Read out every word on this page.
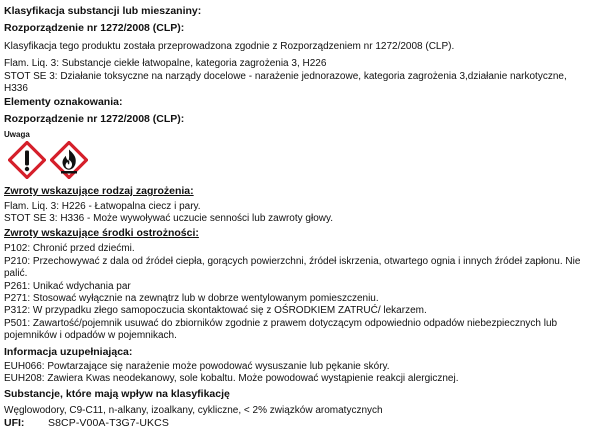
Klasyfikacja substancji lub mieszaniny:
Rozporządzenie nr 1272/2008 (CLP):
Klasyfikacja tego produktu została przeprowadzona zgodnie z Rozporządzeniem nr 1272/2008 (CLP).
Flam. Liq. 3: Substancje ciekłe łatwopalne, kategoria zagrożenia 3, H226
STOT SE 3: Działanie toksyczne na narządy docelowe - narażenie jednorazowe, kategoria zagrożenia 3,działanie narkotyczne,
H336
Elementy oznakowania:
Rozporządzenie nr 1272/2008 (CLP):
Uwaga
Zwroty wskazujące rodzaj zagrożenia:
Flam. Liq. 3: H226 - Łatwopalna ciecz i pary.
STOT SE 3: H336 - Może wywoływać uczucie senności lub zawroty głowy.
Zwroty wskazujące środki ostrożności:
P102: Chronić przed dziećmi.
P210: Przechowywać z dala od źródeł ciepła, gorących powierzchni, źródeł iskrzenia, otwartego ognia i innych źródeł zapłonu. Nie
palić.
P261: Unikać wdychania par
P271: Stosować wyłącznie na zewnątrz lub w dobrze wentylowanym pomieszczeniu.
P312: W przypadku złego samopoczucia skontaktować się z OŚRODKIEM ZATRUĆ/ lekarzem.
P501: Zawartość/pojemnik usuwać do zbiorników zgodnie z prawem dotyczącym odpowiednio odpadów niebezpiecznych lub
pojemników i odpadów w pojemnikach.
Informacja uzupełniająca:
EUH066: Powtarzające się narażenie może powodować wysuszanie lub pękanie skóry.
EUH208: Zawiera Kwas neodekanowy, sole kobaltu. Może powodować wystąpienie reakcji alergicznej.
Substancje, które mają wpływ na klasyfikację
Węglowodory, C9-C11, n-alkany, izoalkany, cykliczne, < 2% związków aromatycznych
UFI: S8CP-V00A-T3G7-UKCS
